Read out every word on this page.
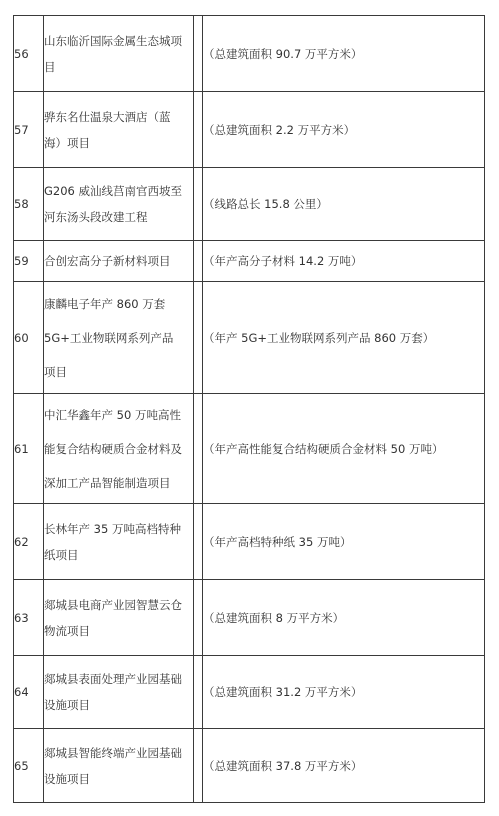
56	山东临沂国际金属生态城项
目		（总建筑面积 90.7 万平方米）
57	骅东名仕温泉大酒店（蓝
海）项目		（总建筑面积 2.2 万平方米）
58	G206 威汕线莒南官西坡至
河东汤头段改建工程		（线路总长 15.8 公里）
59	合创宏高分子新材料项目		（年产高分子材料 14.2 万吨）
60	康麟电子年产 860 万套
5G+工业物联网系列产品
项目		（年产 5G+工业物联网系列产品 860 万套）
61	中汇华鑫年产 50 万吨高性
能复合结构硬质合金材料及
深加工产品智能制造项目		（年产高性能复合结构硬质合金材料 50 万吨）
62	长林年产 35 万吨高档特种
纸项目		（年产高档特种纸 35 万吨）
63	郯城县电商产业园智慧云仓
物流项目		（总建筑面积 8 万平方米）
64	郯城县表面处理产业园基础
设施项目		（总建筑面积 31.2 万平方米）
65	郯城县智能终端产业园基础
设施项目		（总建筑面积 37.8 万平方米）
